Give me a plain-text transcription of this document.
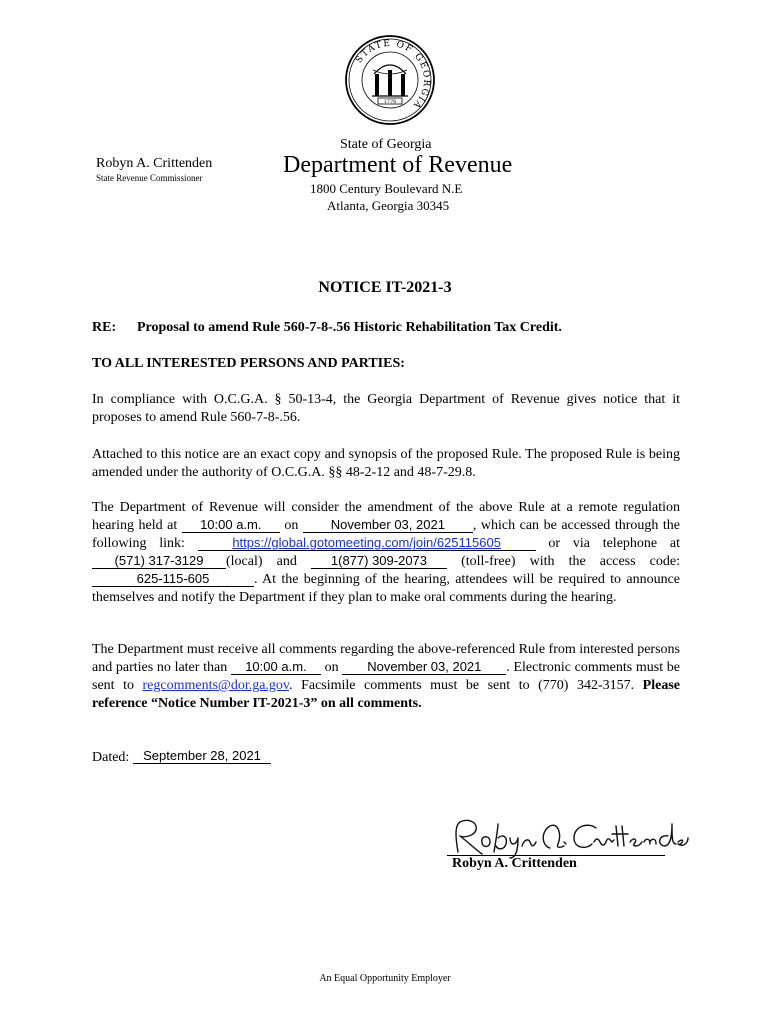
STATE OF GEORGIA
1776
State of Georgia
Robyn A. Crittenden
State Revenue Commissioner	Department of Revenue
1800 Century Boulevard N.E
Atlanta, Georgia 30345
NOTICE IT-2021-3
RE: Proposal to amend Rule 560-7-8-.56 Historic Rehabilitation Tax Credit.
TO ALL INTERESTED PERSONS AND PARTIES:
In compliance with O.C.G.A. § 50-13-4, the Georgia Department of Revenue gives notice that it proposes to amend Rule 560-7-8-.56.
Attached to this notice are an exact copy and synopsis of the proposed Rule. The proposed Rule is being amended under the authority of O.C.G.A. §§ 48-2-12 and 48-7-29.8.
The Department of Revenue will consider the amendment of the above Rule at a remote regulation hearing held at 10:00 a.m. on November 03, 2021 , which can be accessed through the following link:	https://global.gotomeeting.com/join/625115605	or via telephone at (571) 317-3129 (local) and	1(877) 309-2073 (toll-free) with the access code: 625-115-605	. At the beginning of the hearing, attendees will be required to announce themselves and notify the Department if they plan to make oral comments during the hearing.
The Department must receive all comments regarding the above-referenced Rule from interested persons and parties no later than 10:00 a.m. on November 03, 2021 . Electronic comments must be sent to regcomments@dor.ga.gov. Facsimile comments must be sent to (770) 342-3157. Please reference “Notice Number IT-2021-3” on all comments.
Dated:	September 28, 2021
Robyn A. Crittenden
An Equal Opportunity Employer
